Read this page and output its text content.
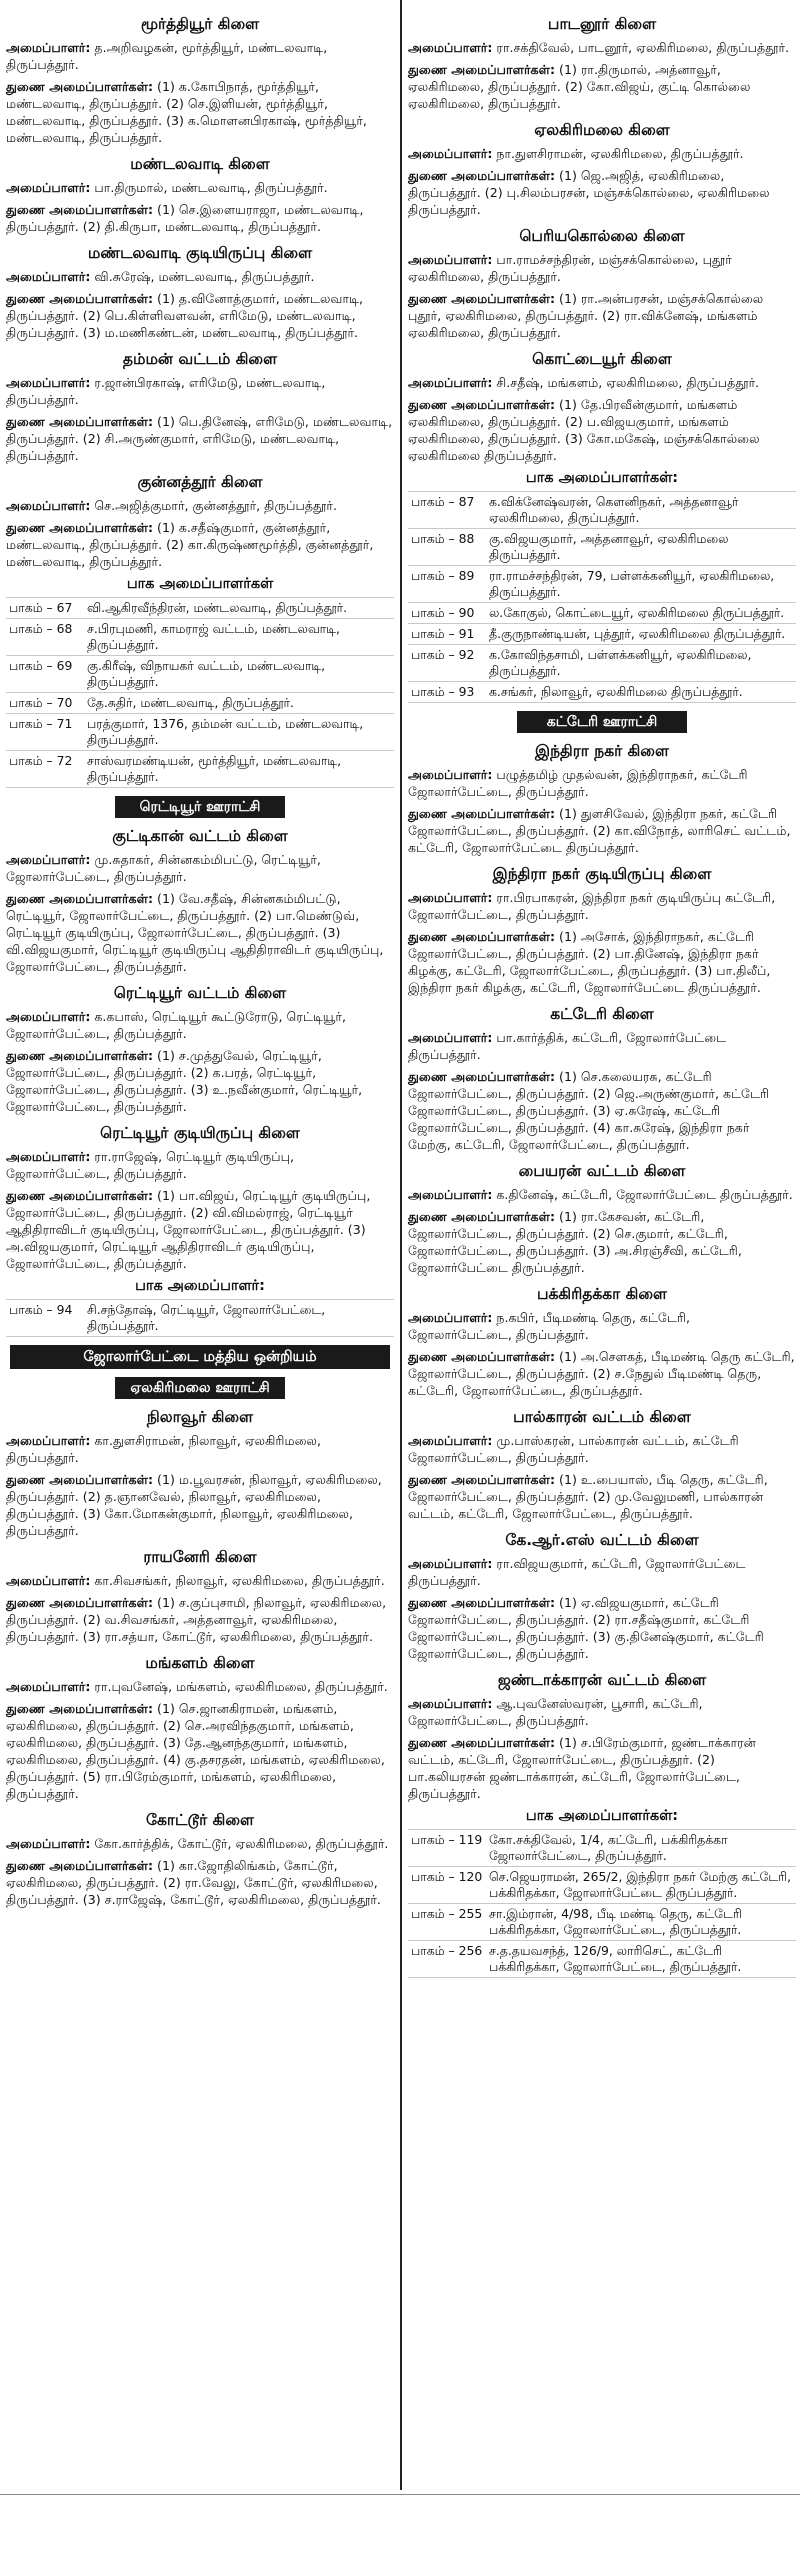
மூர்த்தியூர் கிளை
அமைப்பாளர்: த.அறிவழகன், மூர்த்தியூர், மண்டலவாடி, திருப்பத்தூர்.
துணை அமைப்பாளர்கள்: (1) க.கோபிநாத், மூர்த்தியூர், மண்டலவாடி, திருப்பத்தூர். (2) செ.இளியன், மூர்த்தியூர், மண்டலவாடி, திருப்பத்தூர். (3) க.மொளனபிரகாஷ், மூர்த்தியூர், மண்டலவாடி, திருப்பத்தூர்.
மண்டலவாடி கிளை
அமைப்பாளர்: பா.திருமால், மண்டலவாடி, திருப்பத்தூர்.
துணை அமைப்பாளர்கள்: (1) செ.இளையராஜா, மண்டலவாடி, திருப்பத்தூர். (2) தி.கிருபா, மண்டலவாடி, திருப்பத்தூர்.
மண்டலவாடி குடியிருப்பு கிளை
அமைப்பாளர்: வி.சுரேஷ், மண்டலவாடி, திருப்பத்தூர்.
துணை அமைப்பாளர்கள்: (1) த.வினோத்குமார், மண்டலவாடி, திருப்பத்தூர். (2) பெ.கிள்ளிவளவன், எரிமேடு, மண்டலவாடி, திருப்பத்தூர். (3) ம.மணிகண்டன், மண்டலவாடி, திருப்பத்தூர்.
தம்மன் வட்டம் கிளை
அமைப்பாளர்: ர.ஜான்பிரகாஷ், எரிமேடு, மண்டலவாடி, திருப்பத்தூர்.
துணை அமைப்பாளர்கள்: (1) பெ.தினேஷ், எரிமேடு, மண்டலவாடி, திருப்பத்தூர். (2) சி.அருண்குமார், எரிமேடு, மண்டலவாடி, திருப்பத்தூர்.
குன்னத்தூர் கிளை
அமைப்பாளர்: செ.அஜித்குமார், குன்னத்தூர், திருப்பத்தூர்.
துணை அமைப்பாளர்கள்: (1) க.சதீஷ்குமார், குன்னத்தூர், மண்டலவாடி, திருப்பத்தூர். (2) கா.கிருஷ்ணமூர்த்தி, குன்னத்தூர், மண்டலவாடி, திருப்பத்தூர்.
பாக அமைப்பாளர்கள்
பாகம் – 67	வி.ஆகிரவீந்திரன், மண்டலவாடி, திருப்பத்தூர்.
பாகம் – 68	ச.பிரபுமணி, காமராஜ் வட்டம், மண்டலவாடி, திருப்பத்தூர்.
பாகம் – 69	கு.கிரீஷ், விநாயகர் வட்டம், மண்டலவாடி, திருப்பத்தூர்.
பாகம் – 70	தே.சுதிர், மண்டலவாடி, திருப்பத்தூர்.
பாகம் – 71	பரத்குமார், 1376, தம்மன் வட்டம், மண்டலவாடி, திருப்பத்தூர்.
பாகம் – 72	சாஸ்வரமண்டியன், மூர்த்தியூர், மண்டலவாடி, திருப்பத்தூர்.
ரெட்டியூர் ஊராட்சி
குட்டிகான் வட்டம் கிளை
அமைப்பாளர்: மு.சுதாகர், சின்னகம்மிபட்டு, ரெட்டியூர், ஜோலார்பேட்டை, திருப்பத்தூர்.
துணை அமைப்பாளர்கள்: (1) வே.சதீஷ், சின்னகம்மிபட்டு, ரெட்டியூர், ஜோலார்பேட்டை, திருப்பத்தூர். (2) பா.மெண்டுவ், ரெட்டியூர் குடியிருப்பு, ஜோலார்பேட்டை, திருப்பத்தூர். (3) வி.விஜயகுமார், ரெட்டியூர் குடியிருப்பு ஆதிதிராவிடர் குடியிருப்பு, ஜோலார்பேட்டை, திருப்பத்தூர்.
ரெட்டியூர் வட்டம் கிளை
அமைப்பாளர்: க.கபாஸ், ரெட்டியூர் கூட்டுரோடு, ரெட்டியூர், ஜோலார்பேட்டை, திருப்பத்தூர்.
துணை அமைப்பாளர்கள்: (1) ச.முத்துவேல், ரெட்டியூர், ஜோலார்பேட்டை, திருப்பத்தூர். (2) க.பரத், ரெட்டியூர், ஜோலார்பேட்டை, திருப்பத்தூர். (3) உ.நவீன்குமார், ரெட்டியூர், ஜோலார்பேட்டை, திருப்பத்தூர்.
ரெட்டியூர் குடியிருப்பு கிளை
அமைப்பாளர்: ரா.ராஜேஷ், ரெட்டியூர் குடியிருப்பு, ஜோலார்பேட்டை, திருப்பத்தூர்.
துணை அமைப்பாளர்கள்: (1) பா.விஜய், ரெட்டியூர் குடியிருப்பு, ஜோலார்பேட்டை, திருப்பத்தூர். (2) வி.விமல்ராஜ், ரெட்டியூர் ஆதிதிராவிடர் குடியிருப்பு, ஜோலார்பேட்டை, திருப்பத்தூர். (3) அ.விஜயகுமார், ரெட்டியூர் ஆதிதிராவிடர் குடியிருப்பு, ஜோலார்பேட்டை, திருப்பத்தூர்.
பாக அமைப்பாளர்:
பாகம் – 94	சி.சந்தோஷ், ரெட்டியூர், ஜோலார்பேட்டை, திருப்பத்தூர்.
ஜோலார்பேட்டை மத்திய ஒன்றியம்
ஏலகிரிமலை ஊராட்சி
நிலாவூர் கிளை
அமைப்பாளர்: கா.துளசிராமன், நிலாவூர், ஏலகிரிமலை, திருப்பத்தூர்.
துணை அமைப்பாளர்கள்: (1) ம.பூவரசன், நிலாவூர், ஏலகிரிமலை, திருப்பத்தூர். (2) த.ஞானவேல், நிலாவூர், ஏலகிரிமலை, திருப்பத்தூர். (3) கோ.மோகன்குமார், நிலாவூர், ஏலகிரிமலை, திருப்பத்தூர்.
ராயனேரி கிளை
அமைப்பாளர்: கா.சிவசங்கர், நிலாவூர், ஏலகிரிமலை, திருப்பத்தூர்.
துணை அமைப்பாளர்கள்: (1) ச.குப்புசாமி, நிலாவூர், ஏலகிரிமலை, திருப்பத்தூர். (2) வ.சிவசங்கர், அத்தனாவூர், ஏலகிரிமலை, திருப்பத்தூர். (3) ரா.சத்யா, கோட்டூர், ஏலகிரிமலை, திருப்பத்தூர்.
மங்களம் கிளை
அமைப்பாளர்: ரா.புவனேஷ், மங்களம், ஏலகிரிமலை, திருப்பத்தூர்.
துணை அமைப்பாளர்கள்: (1) செ.ஜானகிராமன், மங்களம், ஏலகிரிமலை, திருப்பத்தூர். (2) செ.அரவிந்தகுமார், மங்களம், ஏலகிரிமலை, திருப்பத்தூர். (3) தே.ஆனந்தகுமார், மங்களம், ஏலகிரிமலை, திருப்பத்தூர். (4) கு.தசரதன், மங்களம், ஏலகிரிமலை, திருப்பத்தூர். (5) ரா.பிரேம்குமார், மங்களம், ஏலகிரிமலை, திருப்பத்தூர்.
கோட்டூர் கிளை
அமைப்பாளர்: கோ.கார்த்திக், கோட்டூர், ஏலகிரிமலை, திருப்பத்தூர்.
துணை அமைப்பாளர்கள்: (1) கா.ஜோதிலிங்கம், கோட்டூர், ஏலகிரிமலை, திருப்பத்தூர். (2) ரா.வேலு, கோட்டூர், ஏலகிரிமலை, திருப்பத்தூர். (3) ச.ராஜேஷ், கோட்டூர், ஏலகிரிமலை, திருப்பத்தூர்.
பாடனூர் கிளை
அமைப்பாளர்: ரா.சக்திவேல், பாடனூர், ஏலகிரிமலை, திருப்பத்தூர்.
துணை அமைப்பாளர்கள்: (1) ரா.திருமால், அத்னாவூர், ஏலகிரிமலை, திருப்பத்தூர். (2) கோ.விஜய், குட்டி கொல்லை ஏலகிரிமலை, திருப்பத்தூர்.
ஏலகிரிமலை கிளை
அமைப்பாளர்: நா.துளசிராமன், ஏலகிரிமலை, திருப்பத்தூர்.
துணை அமைப்பாளர்கள்: (1) ஜெ.அஜித், ஏலகிரிமலை, திருப்பத்தூர். (2) பு.சிலம்பரசன், மஞ்சக்கொல்லை, ஏலகிரிமலை திருப்பத்தூர்.
பெரியகொல்லை கிளை
அமைப்பாளர்: பா.ராமச்சந்திரன், மஞ்சக்கொல்லை, புதூர் ஏலகிரிமலை, திருப்பத்தூர்.
துணை அமைப்பாளர்கள்: (1) ரா.அன்பரசன், மஞ்சக்கொல்லை புதூர், ஏலகிரிமலை, திருப்பத்தூர். (2) ரா.விக்னேஷ், மங்களம் ஏலகிரிமலை, திருப்பத்தூர்.
கொட்டையூர் கிளை
அமைப்பாளர்: சி.சதீஷ், மங்களம், ஏலகிரிமலை, திருப்பத்தூர்.
துணை அமைப்பாளர்கள்: (1) தே.பிரவீன்குமார், மங்களம் ஏலகிரிமலை, திருப்பத்தூர். (2) ப.விஜயகுமார், மங்களம் ஏலகிரிமலை, திருப்பத்தூர். (3) கோ.மகேஷ், மஞ்சக்கொல்லை ஏலகிரிமலை திருப்பத்தூர்.
பாக அமைப்பாளர்கள்:
பாகம் – 87	க.விக்னேஷ்வரன், கௌனிநகர், அத்தனாவூர் ஏலகிரிமலை, திருப்பத்தூர்.
பாகம் – 88	கு.விஜயகுமார், அத்தனாவூர், ஏலகிரிமலை திருப்பத்தூர்.
பாகம் – 89	ரா.ராமச்சந்திரன், 79, பள்ளக்கனியூர், ஏலகிரிமலை, திருப்பத்தூர்.
பாகம் – 90	ல.கோகுல், கொட்டையூர், ஏலகிரிமலை திருப்பத்தூர்.
பாகம் – 91	தீ.குருநாண்டியன், புத்தூர், ஏலகிரிமலை திருப்பத்தூர்.
பாகம் – 92	க.கோவிந்தசாமி, பள்ளக்கனியூர், ஏலகிரிமலை, திருப்பத்தூர்.
பாகம் – 93	க.சங்கர், நிலாவூர், ஏலகிரிமலை திருப்பத்தூர்.
கட்டேரி ஊராட்சி
இந்திரா நகர் கிளை
அமைப்பாளர்: பழுத்தமிழ் முதல்வன், இந்திராநகர், கட்டேரி ஜோலார்பேட்டை, திருப்பத்தூர்.
துணை அமைப்பாளர்கள்: (1) துளசிவேல், இந்திரா நகர், கட்டேரி ஜோலார்பேட்டை, திருப்பத்தூர். (2) கா.விநோத், லாரிசெட் வட்டம், கட்டேரி, ஜோலார்பேட்டை திருப்பத்தூர்.
இந்திரா நகர் குடியிருப்பு கிளை
அமைப்பாளர்: ரா.பிரபாகரன், இந்திரா நகர் குடியிருப்பு கட்டேரி, ஜோலார்பேட்டை, திருப்பத்தூர்.
துணை அமைப்பாளர்கள்: (1) அசோக், இந்திராநகர், கட்டேரி ஜோலார்பேட்டை, திருப்பத்தூர். (2) பா.தினேஷ், இந்திரா நகர் கிழக்கு, கட்டேரி, ஜோலார்பேட்டை, திருப்பத்தூர். (3) பா.திலீப், இந்திரா நகர் கிழக்கு, கட்டேரி, ஜோலார்பேட்டை திருப்பத்தூர்.
கட்டேரி கிளை
அமைப்பாளர்: பா.கார்த்திக், கட்டேரி, ஜோலார்பேட்டை திருப்பத்தூர்.
துணை அமைப்பாளர்கள்: (1) செ.கலையரசு, கட்டேரி ஜோலார்பேட்டை, திருப்பத்தூர். (2) ஜெ.அருண்குமார், கட்டேரி ஜோலார்பேட்டை, திருப்பத்தூர். (3) ஏ.சுரேஷ், கட்டேரி ஜோலார்பேட்டை, திருப்பத்தூர். (4) கா.சுரேஷ், இந்திரா நகர் மேற்கு, கட்டேரி, ஜோலார்பேட்டை, திருப்பத்தூர்.
பையரன் வட்டம் கிளை
அமைப்பாளர்: க.தினேஷ், கட்டேரி, ஜோலார்பேட்டை திருப்பத்தூர்.
துணை அமைப்பாளர்கள்: (1) ரா.கேசவன், கட்டேரி, ஜோலார்பேட்டை, திருப்பத்தூர். (2) செ.குமார், கட்டேரி, ஜோலார்பேட்டை, திருப்பத்தூர். (3) அ.சிரஞ்சீவி, கட்டேரி, ஜோலார்பேட்டை திருப்பத்தூர்.
பக்கிரிதக்கா கிளை
அமைப்பாளர்: ந.கபிர், பீடிமண்டி தெரு, கட்டேரி, ஜோலார்பேட்டை, திருப்பத்தூர்.
துணை அமைப்பாளர்கள்: (1) அ.சௌகத், பீடிமண்டி தெரு கட்டேரி, ஜோலார்பேட்டை, திருப்பத்தூர். (2) ச.நேதுல் பீடிமண்டி தெரு, கட்டேரி, ஜோலார்பேட்டை, திருப்பத்தூர்.
பால்காரன் வட்டம் கிளை
அமைப்பாளர்: மு.பாஸ்கரன், பால்காரன் வட்டம், கட்டேரி ஜோலார்பேட்டை, திருப்பத்தூர்.
துணை அமைப்பாளர்கள்: (1) உ.பையாஸ், பீடி தெரு, கட்டேரி, ஜோலார்பேட்டை, திருப்பத்தூர். (2) மு.வேலுமணி, பால்காரன் வட்டம், கட்டேரி, ஜோலார்பேட்டை, திருப்பத்தூர்.
கே.ஆர்.எஸ் வட்டம் கிளை
அமைப்பாளர்: ரா.விஜயகுமார், கட்டேரி, ஜோலார்பேட்டை திருப்பத்தூர்.
துணை அமைப்பாளர்கள்: (1) ஏ.விஜயகுமார், கட்டேரி ஜோலார்பேட்டை, திருப்பத்தூர். (2) ரா.சதீஷ்குமார், கட்டேரி ஜோலார்பேட்டை, திருப்பத்தூர். (3) கு.தினேஷ்குமார், கட்டேரி ஜோலார்பேட்டை, திருப்பத்தூர்.
ஜண்டாக்காரன் வட்டம் கிளை
அமைப்பாளர்: ஆ.புவனேஸ்வரன், பூசாரி, கட்டேரி, ஜோலார்பேட்டை, திருப்பத்தூர்.
துணை அமைப்பாளர்கள்: (1) ச.பிரேம்குமார், ஜண்டாக்காரன் வட்டம், கட்டேரி, ஜோலார்பேட்டை, திருப்பத்தூர். (2) பா.கலியரசன் ஜண்டாக்காரன், கட்டேரி, ஜோலார்பேட்டை, திருப்பத்தூர்.
பாக அமைப்பாளர்கள்:
பாகம் – 119	கோ.சக்திவேல், 1/4, கட்டேரி, பக்கிரிதக்கா ஜோலார்பேட்டை, திருப்பத்தூர்.
பாகம் – 120	செ.ஜெயராமன், 265/2, இந்திரா நகர் மேற்கு கட்டேரி, பக்கிரிதக்கா, ஜோலார்பேட்டை திருப்பத்தூர்.
பாகம் – 255	சா.இம்ரான், 4/98, பீடி மண்டி தெரு, கட்டேரி பக்கிரிதக்கா, ஜோலார்பேட்டை, திருப்பத்தூர்.
பாகம் – 256	ச.த.தயவசந்த், 126/9, லாரிசெட், கட்டேரி பக்கிரிதக்கா, ஜோலார்பேட்டை, திருப்பத்தூர்.
